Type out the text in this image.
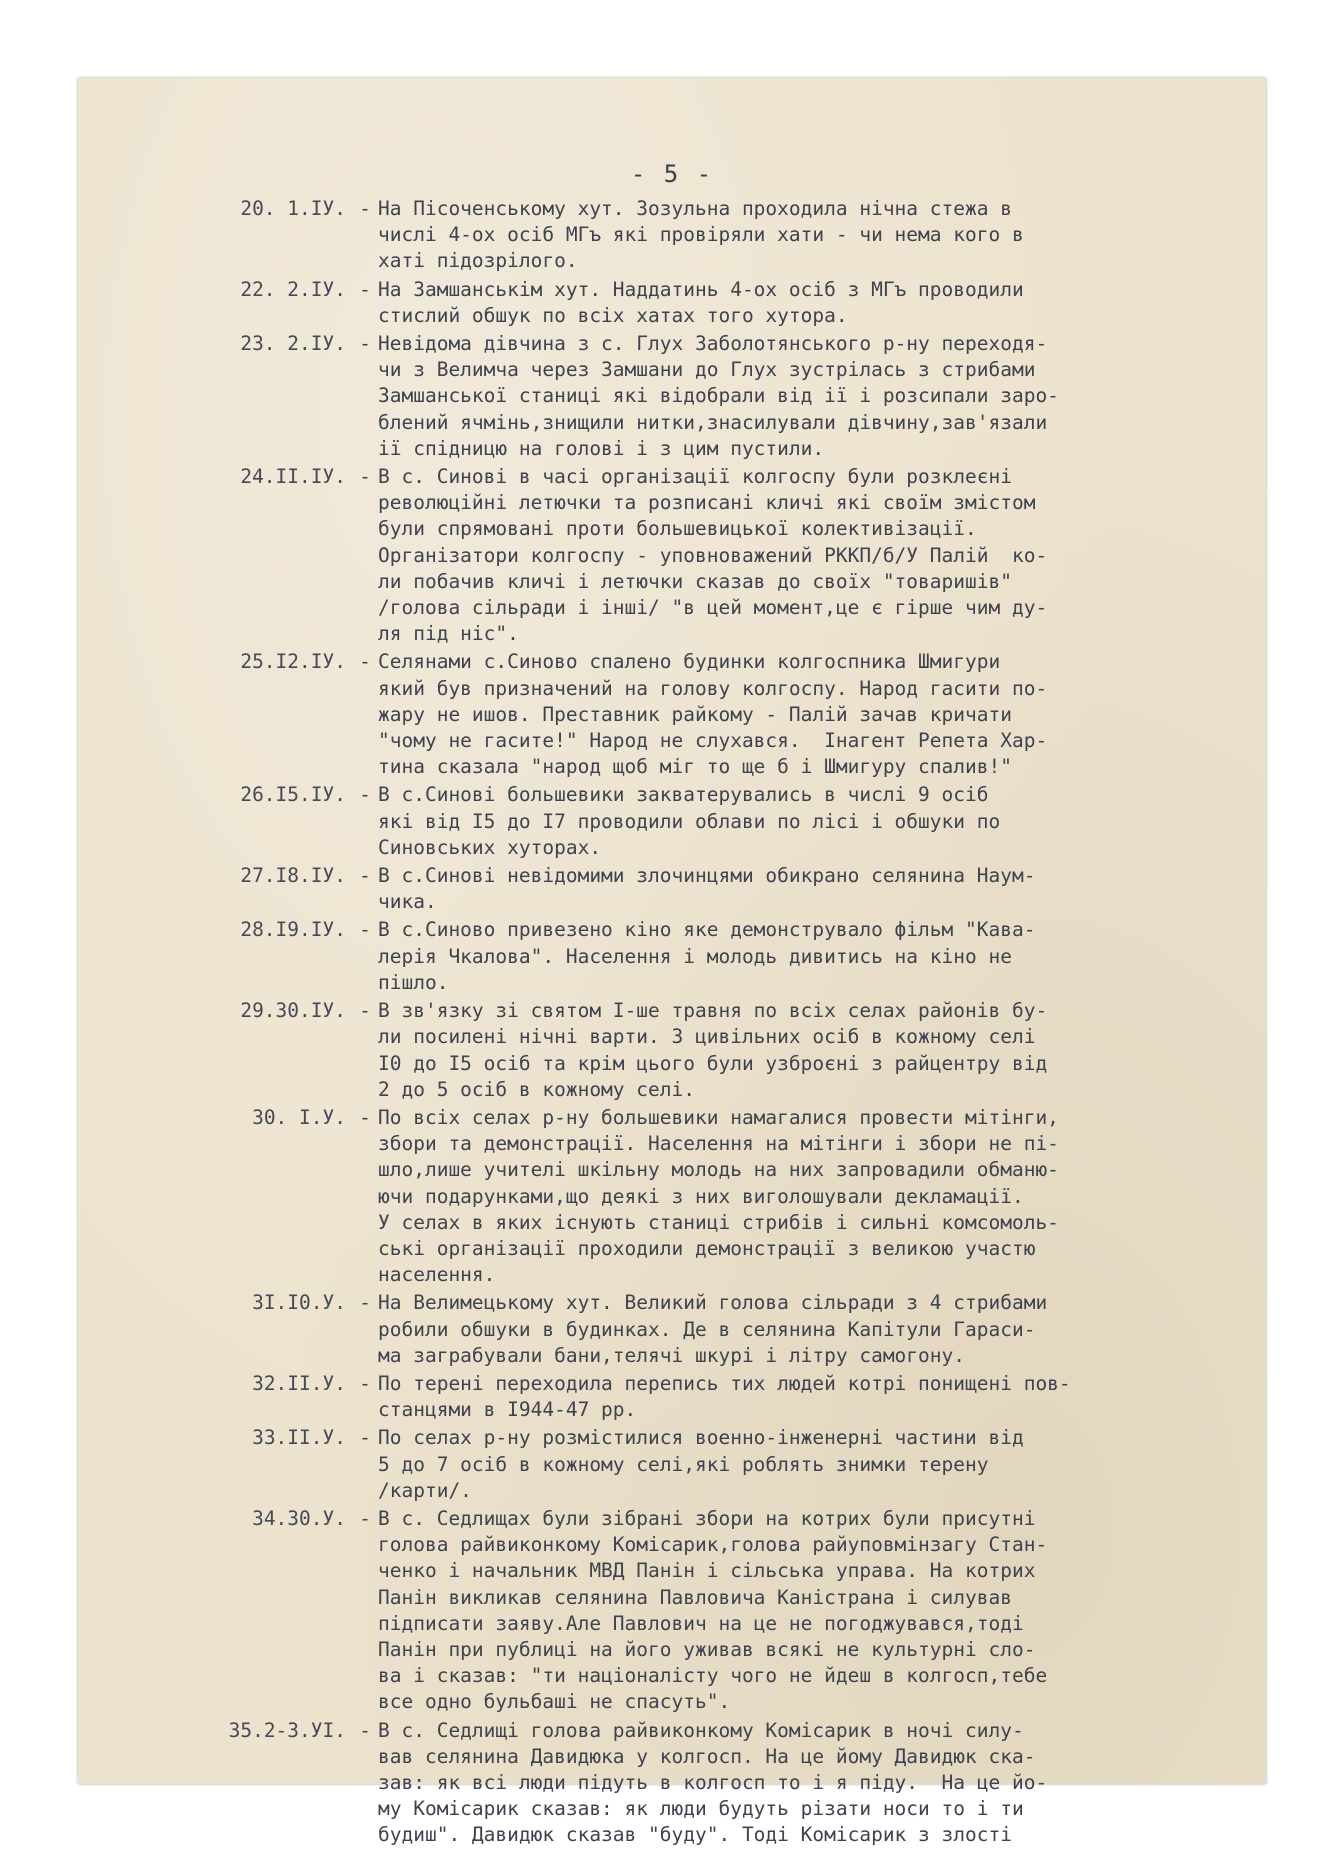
- 5 -
20. 1.IУ. - На Пісоченському хут. Зозульна проходила нічна стежа в
числі 4-ох осіб МГъ які провіряли хати - чи нема кого в
хаті підозрілого.
22. 2.IУ. - На Замшанськім хут. Наддатинь 4-ох осіб з МГъ проводили
стислий обшук по всіх хатах того хутора.
23. 2.IУ. - Невідома дівчина з с. Глух Заболотянського р-ну переходя-
чи з Велимча через Замшани до Глух зустрілась з стрибами
Замшанської станиці які відобрали від ії і розсипали заро-
блений ячмінь,знищили нитки,знасилували дівчину,зав'язали
ії спідницю на голові і з цим пустили.
24.II.IУ. - В с. Синові в часі організації колгоспу були розклеєні
революційні летючки та розписані кличі які своїм змістом
були спрямовані проти большевицької колективізації.
Організатори колгоспу - уповноважений РККП/б/У Палій  ко-
ли побачив кличі і летючки сказав до своїх "товаришів"
/голова сільради і інші/ "в цей момент,це є гірше чим ду-
ля під ніс".
25.I2.IУ. - Селянами с.Синово спалено будинки колгоспника Шмигури
який був призначений на голову колгоспу. Народ гасити по-
жару не ишов. Преставник райкому - Палій зачав кричати
"чому не гасите!" Народ не слухався.  Інагент Репета Хар-
тина сказала "народ щоб міг то ще б і Шмигуру спалив!"
26.I5.IУ. - В с.Синові большевики закватерувались в числі 9 осіб
які від I5 до I7 проводили облави по лісі і обшуки по
Синовських хуторах.
27.I8.IУ. - В с.Синові невідомими злочинцями обикрано селянина Наум-
чика.
28.I9.IУ. - В с.Синово привезено кіно яке демонструвало фільм "Кава-
лерія Чкалова". Населення і молодь дивитись на кіно не
пішло.
29.30.IУ. - В зв'язку зі святом I-ше травня по всіх селах районів бу-
ли посилені нічні варти. З цивільних осіб в кожному селі
I0 до I5 осіб та крім цього були узброєні з райцентру від
2 до 5 осіб в кожному селі.
30. I.У. - По всіх селах р-ну большевики намагалися провести мітінги,
збори та демонстрації. Населення на мітінги і збори не пі-
шло,лише учителі шкільну молодь на них запровадили обманю-
ючи подарунками,що деякі з них виголошували декламації.
У селах в яких існують станиці стрибів і сильні комсомоль-
ські організації проходили демонстрації з великою участю
населення.
3I.I0.У. - На Велимецькому хут. Великий голова сільради з 4 стрибами
робили обшуки в будинках. Де в селянина Капітули Гараси-
ма заграбували бани,телячі шкурі і літру самогону.
32.II.У. - По терені переходила перепись тих людей котрі понищені пов-
станцями в I944-47 рр.
33.II.У. - По селах р-ну розмістилися военно-інженерні частини від
5 до 7 осіб в кожному селі,які роблять знимки терену
/карти/.
34.30.У. - В с. Седлищах були зібрані збори на котрих були присутні
голова райвиконкому Комісарик,голова райуповмінзагу Стан-
ченко і начальник МВД Панін і сільська управа. На котрих
Панін викликав селянина Павловича Каністрана і силував
підписати заяву.Але Павлович на це не погоджувався,тоді
Панін при публиці на його уживав всякі не культурні сло-
ва і сказав: "ти націоналісту чого не йдеш в колгосп,тебе
все одно бульбаші не спасуть".
35.2-3.УI. - В с. Седлищі голова райвиконкому Комісарик в ночі силу-
вав селянина Давидюка у колгосп. На це йому Давидюк ска-
зав: як всі люди підуть в колгосп то і я піду.  На це йо-
му Комісарик сказав: як люди будуть різати носи то і ти
будиш". Давидюк сказав "буду". Тоді Комісарик з злості
